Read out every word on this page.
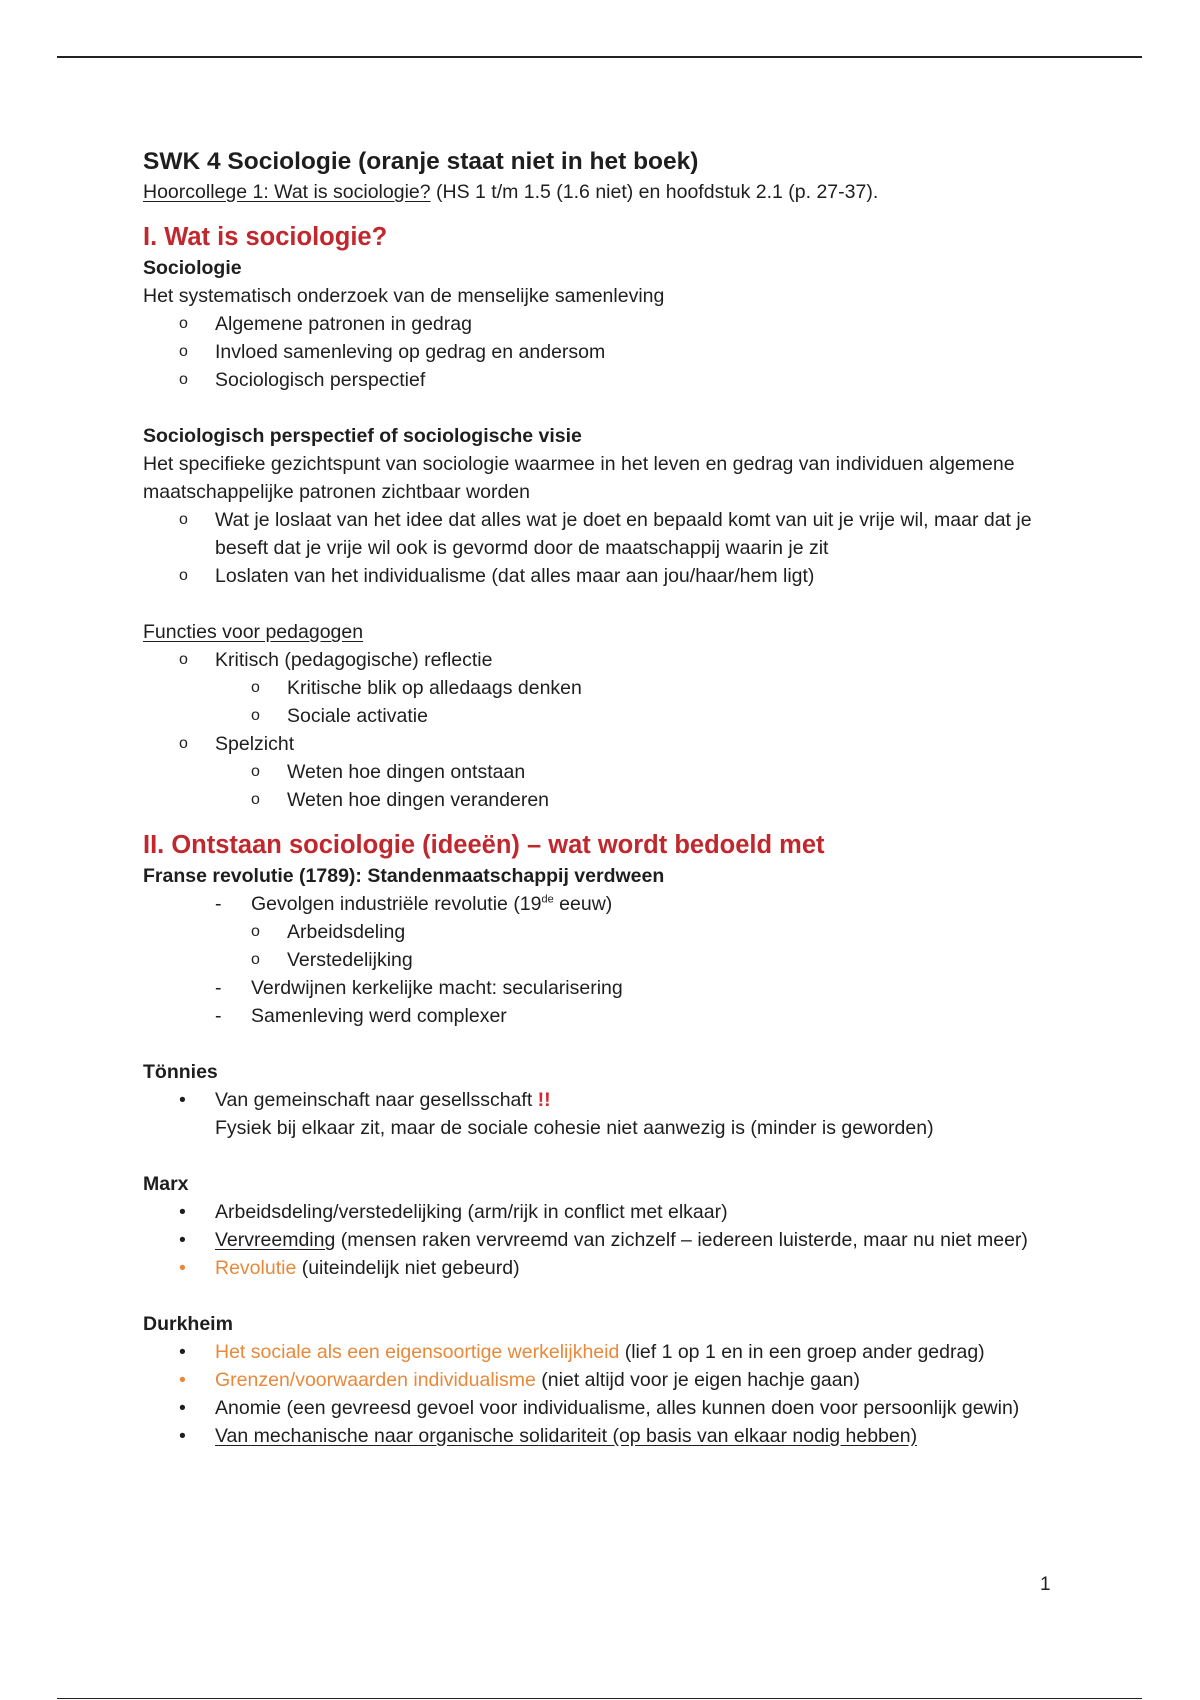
SWK 4 Sociologie (oranje staat niet in het boek)
Hoorcollege 1: Wat is sociologie? (HS 1 t/m 1.5 (1.6 niet) en hoofdstuk 2.1 (p. 27-37).
I. Wat is sociologie?
Sociologie
Het systematisch onderzoek van de menselijke samenleving
o Algemene patronen in gedrag
o Invloed samenleving op gedrag en andersom
o Sociologisch perspectief
Sociologisch perspectief of sociologische visie
Het specifieke gezichtspunt van sociologie waarmee in het leven en gedrag van individuen algemene maatschappelijke patronen zichtbaar worden
o Wat je loslaat van het idee dat alles wat je doet en bepaald komt van uit je vrije wil, maar dat je beseft dat je vrije wil ook is gevormd door de maatschappij waarin je zit
o Loslaten van het individualisme (dat alles maar aan jou/haar/hem ligt)
Functies voor pedagogen
o Kritisch (pedagogische) reflectie
o Kritische blik op alledaags denken
o Sociale activatie
o Spelzicht
o Weten hoe dingen ontstaan
o Weten hoe dingen veranderen
II. Ontstaan sociologie (ideeën) – wat wordt bedoeld met
Franse revolutie (1789): Standenmaatschappij verdween
- Gevolgen industriële revolutie (19de eeuw)
o Arbeidsdeling
o Verstedelijking
- Verdwijnen kerkelijke macht: secularisering
- Samenleving werd complexer
Tönnies
• Van gemeinschaft naar gesellsschaft !!
Fysiek bij elkaar zit, maar de sociale cohesie niet aanwezig is (minder is geworden)
Marx
• Arbeidsdeling/verstedelijking (arm/rijk in conflict met elkaar)
• Vervreemding (mensen raken vervreemd van zichzelf – iedereen luisterde, maar nu niet meer)
• Revolutie (uiteindelijk niet gebeurd)
Durkheim
• Het sociale als een eigensoortige werkelijkheid (lief 1 op 1 en in een groep ander gedrag)
• Grenzen/voorwaarden individualisme (niet altijd voor je eigen hachje gaan)
• Anomie (een gevreesd gevoel voor individualisme, alles kunnen doen voor persoonlijk gewin)
• Van mechanische naar organische solidariteit (op basis van elkaar nodig hebben)
1
